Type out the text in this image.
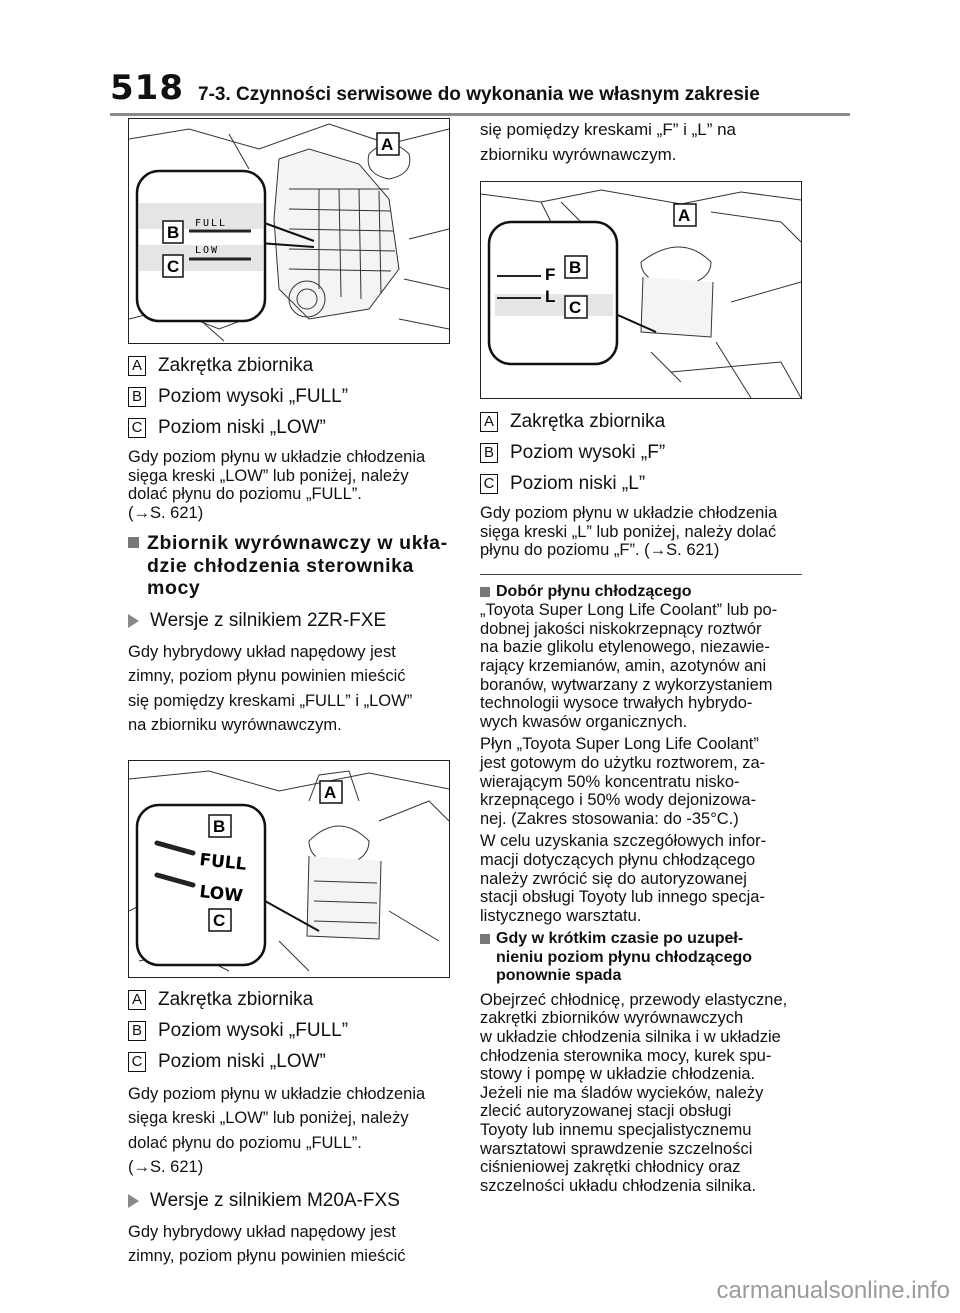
518 7-3. Czynności serwisowe do wykonania we własnym zakresie
FULL
LOW
B
C
A
A Zakrętka zbiornika
B Poziom wysoki „FULL”
C Poziom niski „LOW”

Gdy poziom płynu w układzie chłodzenia
sięga kreski „LOW” lub poniżej, należy
dolać płynu do poziomu „FULL”.
(→S. 621)

Zbiornik wyrównawczy w ukła-
dzie chłodzenia sterownika
mocy

Wersje z silnikiem 2ZR-FXE

Gdy hybrydowy układ napędowy jest
zimny, poziom płynu powinien mieścić
się pomiędzy kreskami „FULL” i „LOW”
na zbiorniku wyrównawczym.

FULL
LOW
B
C
A
A Zakrętka zbiornika
B Poziom wysoki „FULL”
C Poziom niski „LOW”

Gdy poziom płynu w układzie chłodzenia
sięga kreski „LOW” lub poniżej, należy
dolać płynu do poziomu „FULL”.
(→S. 621)

Wersje z silnikiem M20A-FXS

Gdy hybrydowy układ napędowy jest
zimny, poziom płynu powinien mieścić

się pomiędzy kreskami „F” i „L” na
zbiorniku wyrównawczym.

F
L
B
C
A
A Zakrętka zbiornika
B Poziom wysoki „F”
C Poziom niski „L”

Gdy poziom płynu w układzie chłodzenia
sięga kreski „L” lub poniżej, należy dolać
płynu do poziomu „F”. (→S. 621)

Dobór płynu chłodzącego

„Toyota Super Long Life Coolant” lub po-
dobnej jakości niskokrzepnący roztwór
na bazie glikolu etylenowego, niezawie-
rający krzemianów, amin, azotynów ani
boranów, wytwarzany z wykorzystaniem
technologii wysoce trwałych hybrydo-
wych kwasów organicznych.

Płyn „Toyota Super Long Life Coolant”
jest gotowym do użytku roztworem, za-
wierającym 50% koncentratu nisko-
krzepnącego i 50% wody dejonizowa-
nej. (Zakres stosowania: do -35°C.)

W celu uzyskania szczegółowych infor-
macji dotyczących płynu chłodzącego
należy zwrócić się do autoryzowanej
stacji obsługi Toyoty lub innego specja-
listycznego warsztatu.

Gdy w krótkim czasie po uzupeł-
nieniu poziom płynu chłodzącego
ponownie spada

Obejrzeć chłodnicę, przewody elastyczne,
zakrętki zbiorników wyrównawczych
w układzie chłodzenia silnika i w układzie
chłodzenia sterownika mocy, kurek spu-
stowy i pompę w układzie chłodzenia.
Jeżeli nie ma śladów wycieków, należy
zlecić autoryzowanej stacji obsługi
Toyoty lub innemu specjalistycznemu
warsztatowi sprawdzenie szczelności
ciśnieniowej zakrętki chłodnicy oraz
szczelności układu chłodzenia silnika.

carmanualsonline.info
